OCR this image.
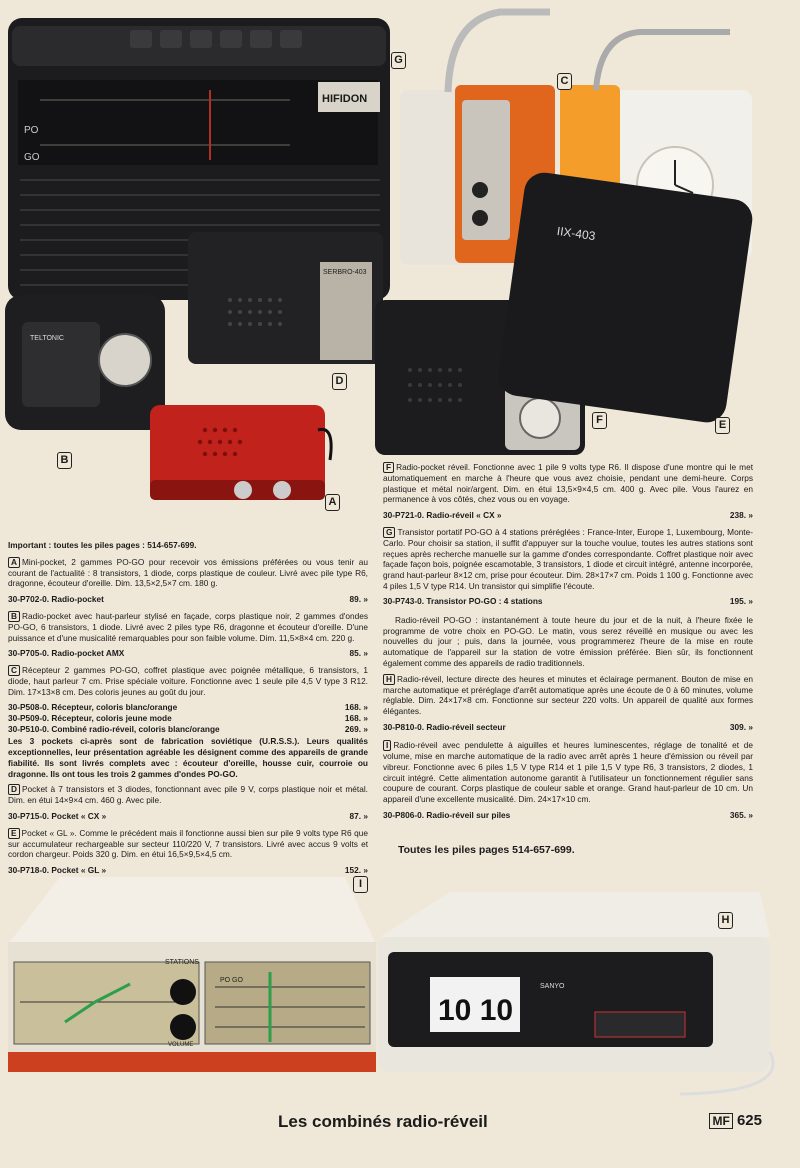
HIFIDON
PO
GO
SERBRO-403
TELTONIC
IIX-403
G
C
D
B
A
F	E

F Radio-pocket réveil. Fonctionne avec 1 pile 9 volts type R6. Il dispose d'une montre qui le met automatiquement en marche à l'heure que vous avez choisie, pendant une demi-heure. Corps plastique et métal noir/argent. Dim. en étui 13,5×9×4,5 cm. 400 g. Avec pile. Vous l'aurez en permanence à vos côtés, chez vous ou en voyage.

30-P721-0. Radio-réveil « CX »	238. »

G Transistor portatif PO-GO à 4 stations préréglées : France-Inter, Europe 1, Luxembourg, Monte-Carlo. Pour choisir sa station, il suffit d'appuyer sur la touche voulue, toutes les autres stations sont reçues après recherche manuelle sur la gamme d'ondes correspondante. Coffret plastique noir avec façade façon bois, poignée escamotable, 3 transistors, 1 diode et circuit intégré, antenne incorporée, grand haut-parleur 8×12 cm, prise pour écouteur. Dim. 28×17×7 cm. Poids 1 100 g. Fonctionne avec 4 piles 1,5 V type R14. Un transistor qui simplifie l'écoute.

30-P743-0. Transistor PO-GO : 4 stations	195. »

Radio-réveil PO-GO : instantanément à toute heure du jour et de la nuit, à l'heure fixée le programme de votre choix en PO-GO. Le matin, vous serez réveillé en musique ou avec les nouvelles du jour ; puis, dans la journée, vous programmerez l'heure de la mise en route automatique de l'appareil sur la station de votre émission préférée. Bien sûr, ils fonctionnent également comme des appareils de radio traditionnels.

H Radio-réveil, lecture directe des heures et minutes et éclairage permanent. Bouton de mise en marche automatique et préréglage d'arrêt automatique après une écoute de 0 à 60 minutes, volume réglable. Dim. 24×17×8 cm. Fonctionne sur secteur 220 volts. Un appareil de qualité aux formes élégantes.

30-P810-0. Radio-réveil secteur	309. »

I Radio-réveil avec pendulette à aiguilles et heures luminescentes, réglage de tonalité et de volume, mise en marche automatique de la radio avec arrêt après 1 heure d'émission ou réveil par vibreur. Fonctionne avec 6 piles 1,5 V type R14 et 1 pile 1,5 V type R6, 3 transistors, 2 diodes, 1 circuit intégré. Cette alimentation autonome garantit à l'utilisateur un fonctionnement régulier sans coupure de courant. Corps plastique de couleur sable et orange. Grand haut-parleur de 10 cm. Un appareil d'une excellente musicalité. Dim. 24×17×10 cm.

30-P806-0. Radio-réveil sur piles	365. »
Toutes les piles pages 514-657-699.

Important : toutes les piles pages : 514-657-699.

A Mini-pocket, 2 gammes PO-GO pour recevoir vos émissions préférées ou vous tenir au courant de l'actualité : 8 transistors, 1 diode, corps plastique de couleur. Livré avec pile type R6, dragonne, écouteur d'oreille. Dim. 13,5×2,5×7 cm. 180 g.

30-P702-0. Radio-pocket	89. »

B Radio-pocket avec haut-parleur stylisé en façade, corps plastique noir, 2 gammes d'ondes PO-GO, 6 transistors, 1 diode. Livré avec 2 piles type R6, dragonne et écouteur d'oreille. D'une puissance et d'une musicalité remarquables pour son faible volume. Dim. 11,5×8×4 cm. 220 g.

30-P705-0. Radio-pocket AMX	85. »

C Récepteur 2 gammes PO-GO, coffret plastique avec poignée métallique, 6 transistors, 1 diode, haut parleur 7 cm. Prise spéciale voiture. Fonctionne avec 1 seule pile 4,5 V type 3 R12. Dim. 17×13×8 cm. Des coloris jeunes au goût du jour.

30-P508-0. Récepteur, coloris blanc/orange	168. »
30-P509-0. Récepteur, coloris jeune mode	168. »
30-P510-0. Combiné radio-réveil, coloris blanc/orange	269. »

Les 3 pockets ci-après sont de fabrication soviétique (U.R.S.S.). Leurs qualités exceptionnelles, leur présentation agréable les désignent comme des appareils de grande fiabilité. Ils sont livrés complets avec : écouteur d'oreille, housse cuir, courroie ou dragonne. Ils ont tous les trois 2 gammes d'ondes PO-GO.

D Pocket à 7 transistors et 3 diodes, fonctionnant avec pile 9 V, corps plastique noir et métal. Dim. en étui 14×9×4 cm. 460 g. Avec pile.

30-P715-0. Pocket « CX »	87. »

E Pocket « GL ». Comme le précédent mais il fonctionne aussi bien sur pile 9 volts type R6 que sur accumulateur rechargeable sur secteur 110/220 V, 7 transistors. Livré avec accus 9 volts et cordon chargeur. Poids 320 g. Dim. en étui 16,5×9,5×4,5 cm.

30-P718-0. Pocket « GL »	152. »
STATIONS
VOLUME
PO GO
10 10
SANYO
I
H
Les combinés radio-réveil	MF 625
